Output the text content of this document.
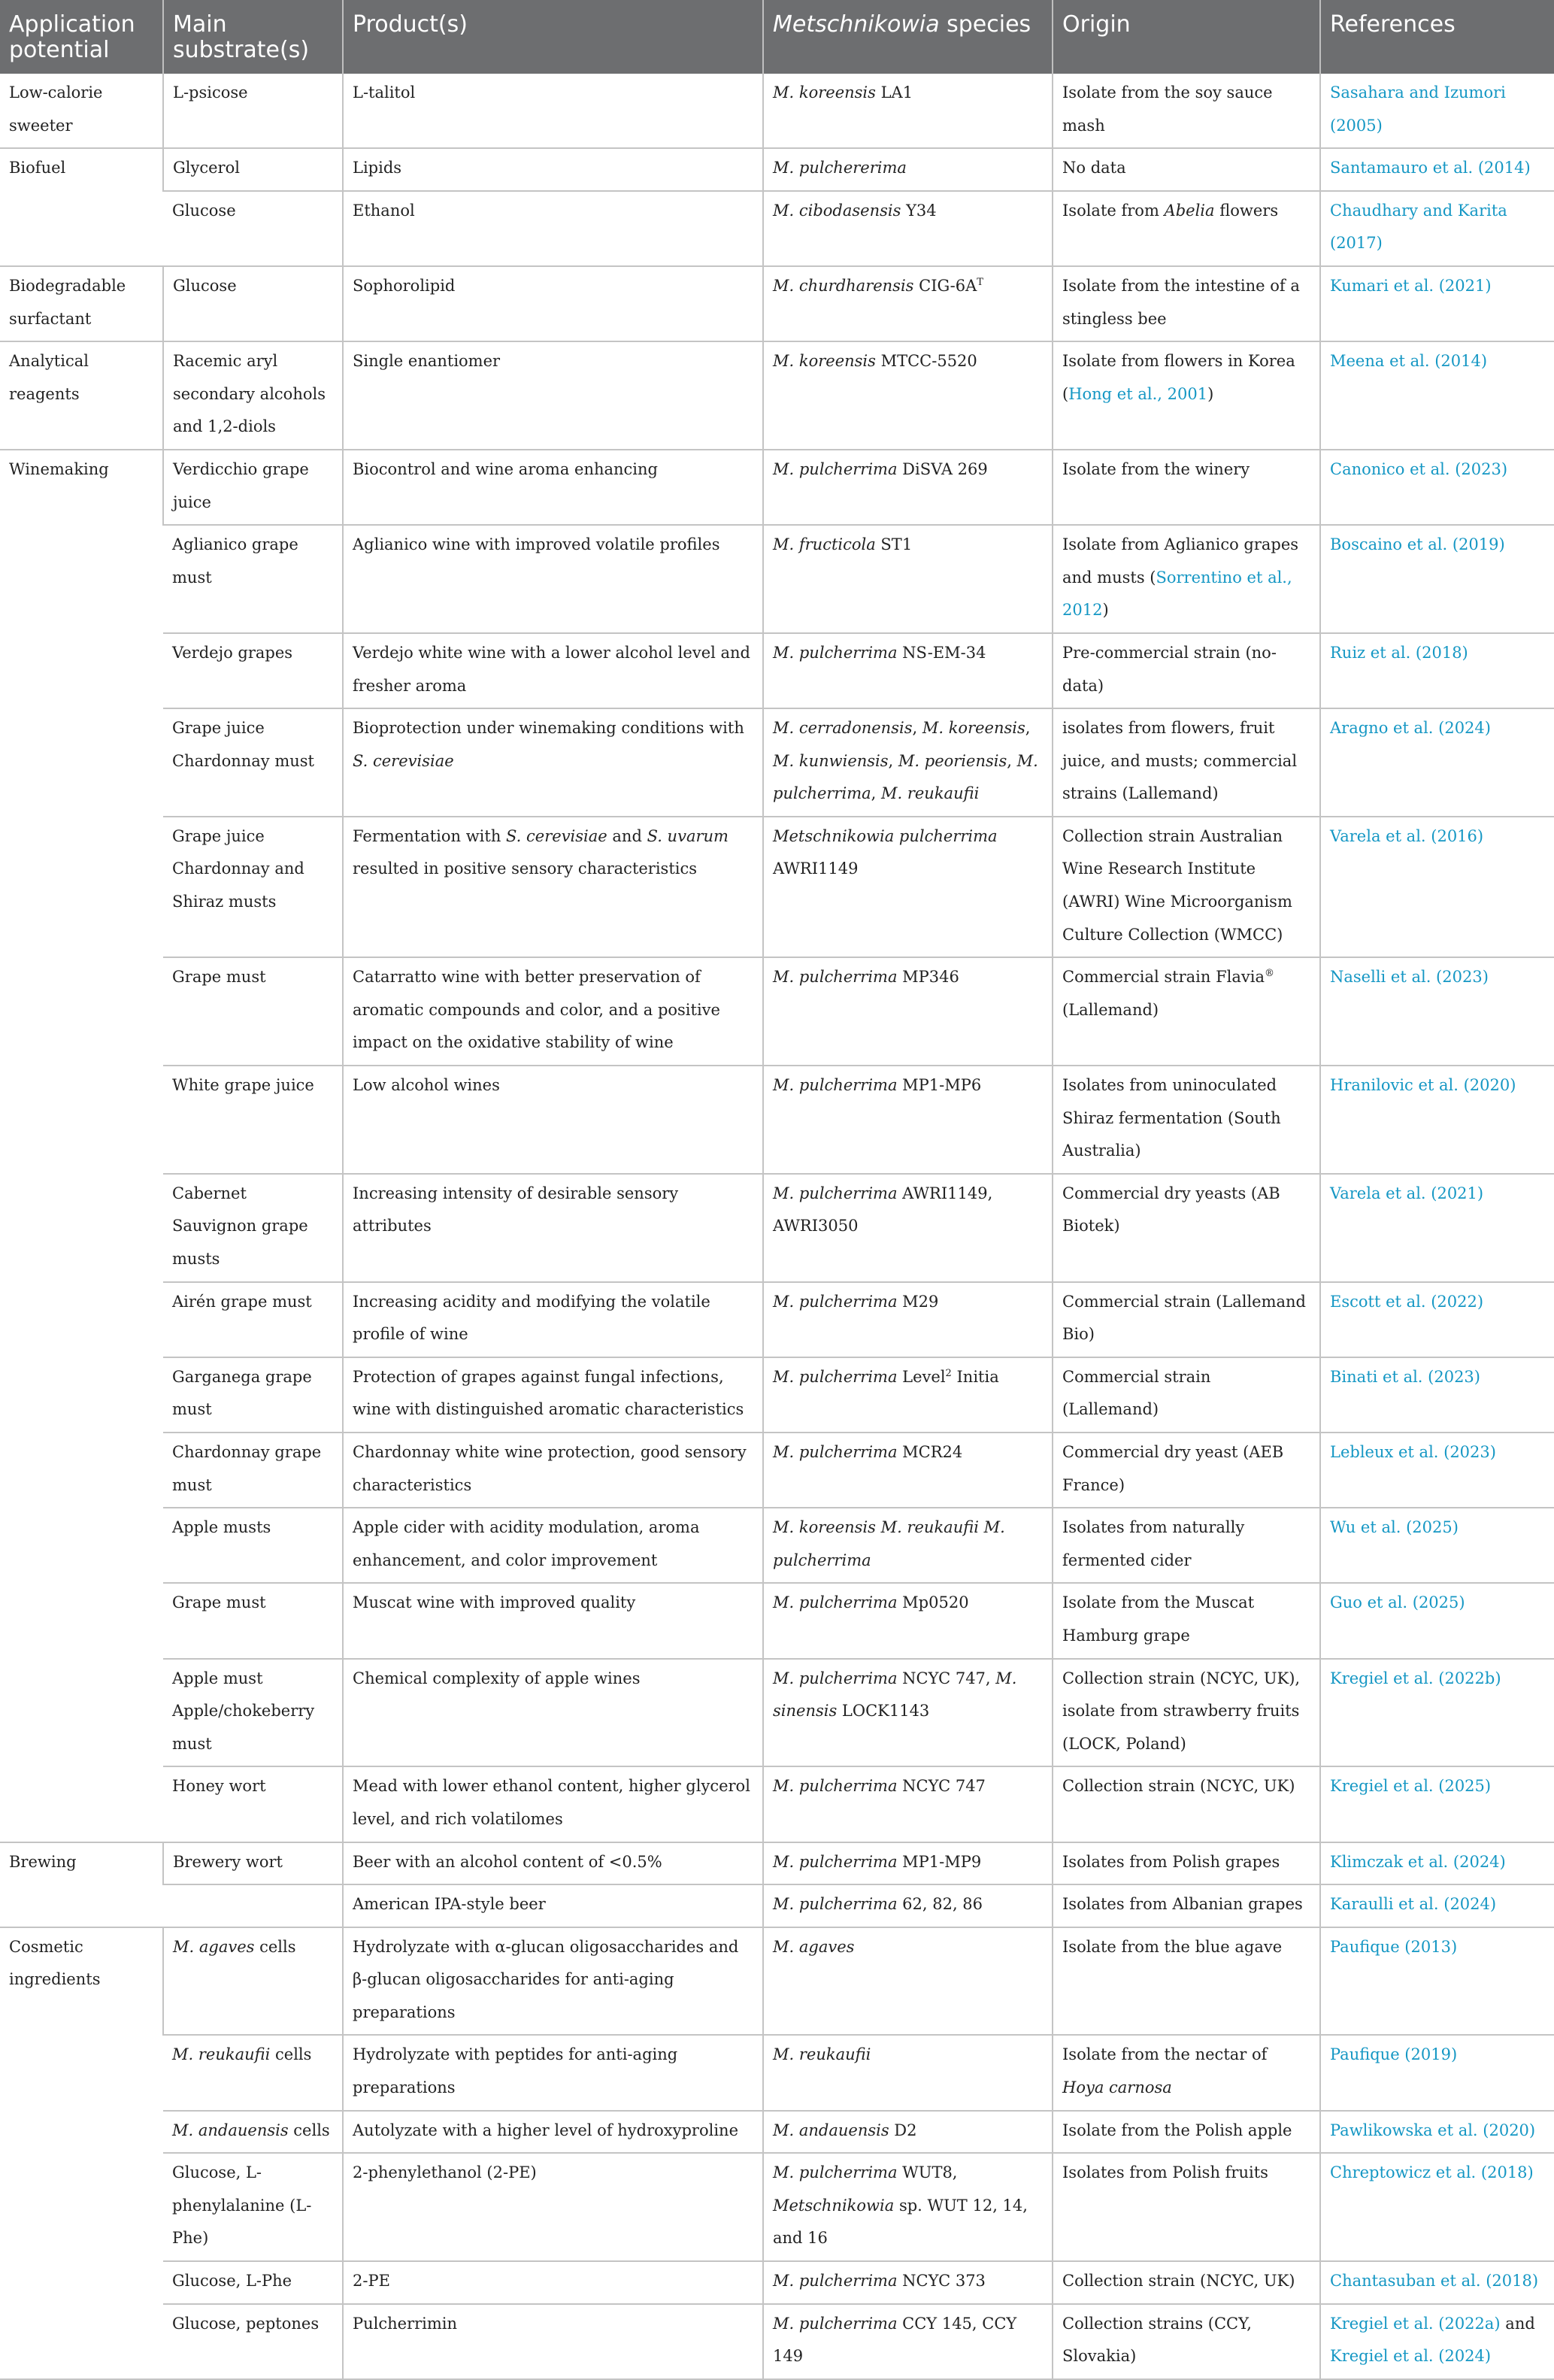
Application potential	Main substrate(s)	Product(s)	Metschnikowia species	Origin	References
Low-calorie sweeter	L-psicose	L-talitol	M. koreensis LA1	Isolate from the soy sauce mash	Sasahara and Izumori (2005)
Biofuel	Glycerol	Lipids	M. pulchererima	No data	Santamauro et al. (2014)
	Glucose	Ethanol	M. cibodasensis Y34	Isolate from Abelia flowers	Chaudhary and Karita (2017)
Biodegradable surfactant	Glucose	Sophorolipid	M. churdharensis CIG-$6A^T$	Isolate from the intestine of a stingless bee	Kumari et al. (2021)
Analytical reagents	Racemic aryl secondary alcohols and 1,2-diols	Single enantiomer	M. koreensis MTCC-5520	Isolate from flowers in Korea (Hong et al., 2001)	Meena et al. (2014)
Winemaking	Verdicchio grape juice	Biocontrol and wine aroma enhancing	M. pulcherrima DiSVA 269	Isolate from the winery	Canonico et al. (2023)
	Aglianico grape must	Aglianico wine with improved volatile profiles	M. fructicola ST1	Isolate from Aglianico grapes and musts (Sorrentino et al., 2012)	Boscaino et al. (2019)
	Verdejo grapes	Verdejo white wine with a lower alcohol level and fresher aroma	M. pulcherrima NS-EM-34	Pre-commercial strain (no-data)	Ruiz et al. (2018)
	Grape juice Chardonnay must	Bioprotection under winemaking conditions with S. cerevisiae	M. cerradonensis, M. koreensis, M. kunwiensis, M. peoriensis, M. pulcherrima, M. reukaufii	isolates from flowers, fruit juice, and musts; commercial strains (Lallemand)	Aragno et al. (2024)
	Grape juice Chardonnay and Shiraz musts	Fermentation with S. cerevisiae and S. uvarum resulted in positive sensory characteristics	Metschnikowia pulcherrima AWRI1149	Collection strain Australian Wine Research Institute (AWRI) Wine Microorganism Culture Collection (WMCC)	Varela et al. (2016)
	Grape must	Catarratto wine with better preservation of aromatic compounds and color, and a positive impact on the oxidative stability of wine	M. pulcherrima MP346	Commercial strain Flavia® (Lallemand)	Naselli et al. (2023)
	White grape juice	Low alcohol wines	M. pulcherrima MP1-MP6	Isolates from uninoculated Shiraz fermentation (South Australia)	Hranilovic et al. (2020)
	Cabernet Sauvignon grape musts	Increasing intensity of desirable sensory attributes	M. pulcherrima AWRI1149, AWRI3050	Commercial dry yeasts (AB Biotek)	Varela et al. (2021)
	Airén grape must	Increasing acidity and modifying the volatile profile of wine	M. pulcherrima M29	Commercial strain (Lallemand Bio)	Escott et al. (2022)
	Garganega grape must	Protection of grapes against fungal infections, wine with distinguished aromatic characteristics	M. pulcherrima Level$^2$ Initia	Commercial strain (Lallemand)	Binati et al. (2023)
	Chardonnay grape must	Chardonnay white wine protection, good sensory characteristics	M. pulcherrima MCR24	Commercial dry yeast (AEB France)	Lebleux et al. (2023)
	Apple musts	Apple cider with acidity modulation, aroma enhancement, and color improvement	M. koreensis M. reukaufii M. pulcherrima	Isolates from naturally fermented cider	Wu et al. (2025)
	Grape must	Muscat wine with improved quality	M. pulcherrima Mp0520	Isolate from the Muscat Hamburg grape	Guo et al. (2025)
	Apple must Apple/chokeberry must	Chemical complexity of apple wines	M. pulcherrima NCYC 747, M. sinensis LOCK1143	Collection strain (NCYC, UK), isolate from strawberry fruits (LOCK, Poland)	Kregiel et al. (2022b)
	Honey wort	Mead with lower ethanol content, higher glycerol level, and rich volatilomes	M. pulcherrima NCYC 747	Collection strain (NCYC, UK)	Kregiel et al. (2025)
Brewing	Brewery wort	Beer with an alcohol content of <0.5%	M. pulcherrima MP1-MP9	Isolates from Polish grapes	Klimczak et al. (2024)
		American IPA-style beer	M. pulcherrima 62, 82, 86	Isolates from Albanian grapes	Karaulli et al. (2024)
Cosmetic ingredients	M. agaves cells	Hydrolyzate with α-glucan oligosaccharides and β-glucan oligosaccharides for anti-aging preparations	M. agaves	Isolate from the blue agave	Paufique (2013)
	M. reukaufii cells	Hydrolyzate with peptides for anti-aging preparations	M. reukaufii	Isolate from the nectar of Hoya carnosa	Paufique (2019)
	M. andauensis cells	Autolyzate with a higher level of hydroxyproline	M. andauensis D2	Isolate from the Polish apple	Pawlikowska et al. (2020)
	Glucose, L-phenylalanine (L-Phe)	2-phenylethanol (2-PE)	M. pulcherrima WUT8, Metschnikowia sp. WUT 12, 14, and 16	Isolates from Polish fruits	Chreptowicz et al. (2018)
	Glucose, L-Phe	2-PE	M. pulcherrima NCYC 373	Collection strain (NCYC, UK)	Chantasuban et al. (2018)
	Glucose, peptones	Pulcherrimin	M. pulcherrima CCY 145, CCY 149	Collection strains (CCY, Slovakia)	Kregiel et al. (2022a) and Kregiel et al. (2024)
